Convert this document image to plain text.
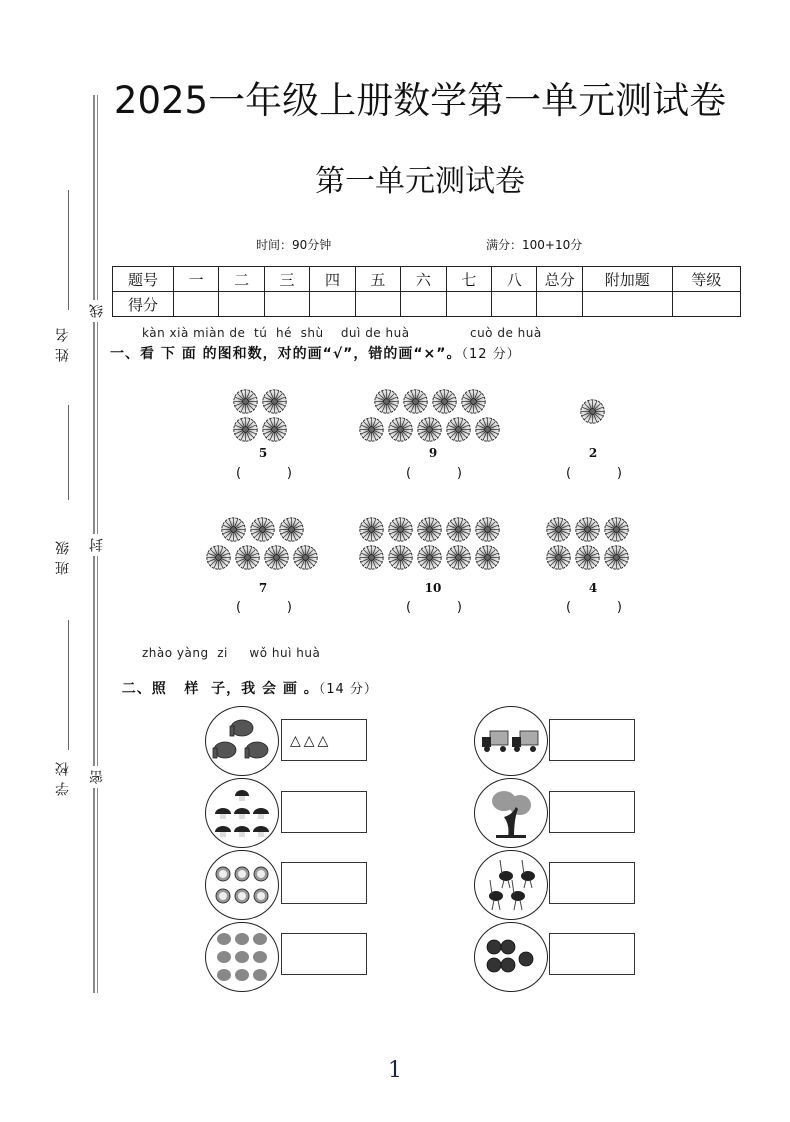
2025一年级上册数学第一单元测试卷
第一单元测试卷
时间：90分钟	满分：100+10分
姓名
班级
学校
线
封
密
题号	一	二	三	四	五	六	七	八	总分	附加题	等级
得分											
kàn xià miàn de  tú  hé  shù    duì de huà              cuò de huà
一、看 下 面 的图和数，对的画“√”，错的画“×”。（12 分）
5
(	)
9
(	)
2
(	)
7
(	)
10
(	)
4
(	)
zhào yàng  zi     wǒ huì huà

二、照   样  子，我 会 画 。（14 分）

△△△
1
